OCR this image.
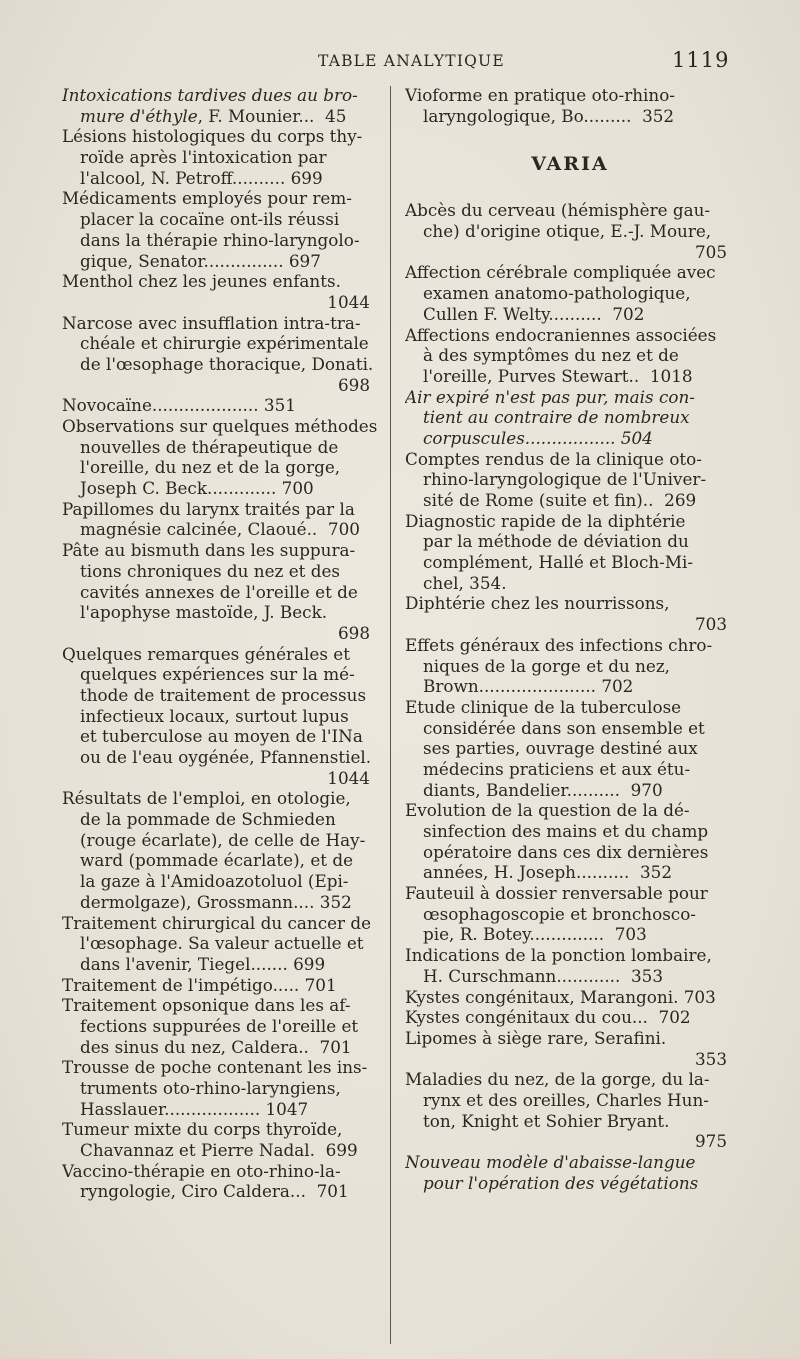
TABLE ANALYTIQUE	1119
Intoxications tardives dues au bro-
mure d'éthyle, F. Mounier...  45
Lésions histologiques du corps thy-
roïde après l'intoxication par
l'alcool, N. Petroff.......... 699
Médicaments employés pour rem-
placer la cocaïne ont-ils réussi
dans la thérapie rhino-laryngolo-
gique, Senator............... 697
Menthol chez les jeunes enfants.
1044
Narcose avec insufflation intra-tra-
chéale et chirurgie expérimentale
de l'œsophage thoracique, Donati.
698
Novocaïne.................... 351
Observations sur quelques méthodes
nouvelles de thérapeutique de
l'oreille, du nez et de la gorge,
Joseph C. Beck............. 700
Papillomes du larynx traités par la
magnésie calcinée, Claoué..  700
Pâte au bismuth dans les suppura-
tions chroniques du nez et des
cavités annexes de l'oreille et de
l'apophyse mastoïde, J. Beck.
698
Quelques remarques générales et
quelques expériences sur la mé-
thode de traitement de processus
infectieux locaux, surtout lupus
et tuberculose au moyen de l'INa
ou de l'eau oygénée, Pfannenstiel.
1044
Résultats de l'emploi, en otologie,
de la pommade de Schmieden
(rouge écarlate), de celle de Hay-
ward (pommade écarlate), et de
la gaze à l'Amidoazotoluol (Epi-
dermolgaze), Grossmann.... 352
Traitement chirurgical du cancer de
l'œsophage. Sa valeur actuelle et
dans l'avenir, Tiegel....... 699
Traitement de l'impétigo..... 701
Traitement opsonique dans les af-
fections suppurées de l'oreille et
des sinus du nez, Caldera..  701
Trousse de poche contenant les ins-
truments oto-rhino-laryngiens,
Hasslauer.................. 1047
Tumeur mixte du corps thyroïde,
Chavannaz et Pierre Nadal.  699
Vaccino-thérapie en oto-rhino-la-
ryngologie, Ciro Caldera...  701
Vioforme en pratique oto-rhino-
laryngologique, Bo.........  352
VARIA
Abcès du cerveau (hémisphère gau-
che) d'origine otique, E.-J. Moure,
705
Affection cérébrale compliquée avec
examen anatomo-pathologique,
Cullen F. Welty..........  702
Affections endocraniennes associées
à des symptômes du nez et de
l'oreille, Purves Stewart..  1018
Air expiré n'est pas pur, mais con-
tient au contraire de nombreux
corpuscules................. 504
Comptes rendus de la clinique oto-
rhino-laryngologique de l'Univer-
sité de Rome (suite et fin)..  269
Diagnostic rapide de la diphtérie
par la méthode de déviation du
complément, Hallé et Bloch-Mi-
chel, 354.
Diphtérie chez les nourrissons,
703
Effets généraux des infections chro-
niques de la gorge et du nez,
Brown...................... 702
Etude clinique de la tuberculose
considérée dans son ensemble et
ses parties, ouvrage destiné aux
médecins praticiens et aux étu-
diants, Bandelier..........  970
Evolution de la question de la dé-
sinfection des mains et du champ
opératoire dans ces dix dernières
années, H. Joseph..........  352
Fauteuil à dossier renversable pour
œsophagoscopie et bronchosco-
pie, R. Botey..............  703
Indications de la ponction lombaire,
H. Curschmann............  353
Kystes congénitaux, Marangoni. 703
Kystes congénitaux du cou...  702
Lipomes à siège rare, Serafini.
353
Maladies du nez, de la gorge, du la-
rynx et des oreilles, Charles Hun-
ton, Knight et Sohier Bryant.
975
Nouveau modèle d'abaisse-langue
pour l'opération des végétations
